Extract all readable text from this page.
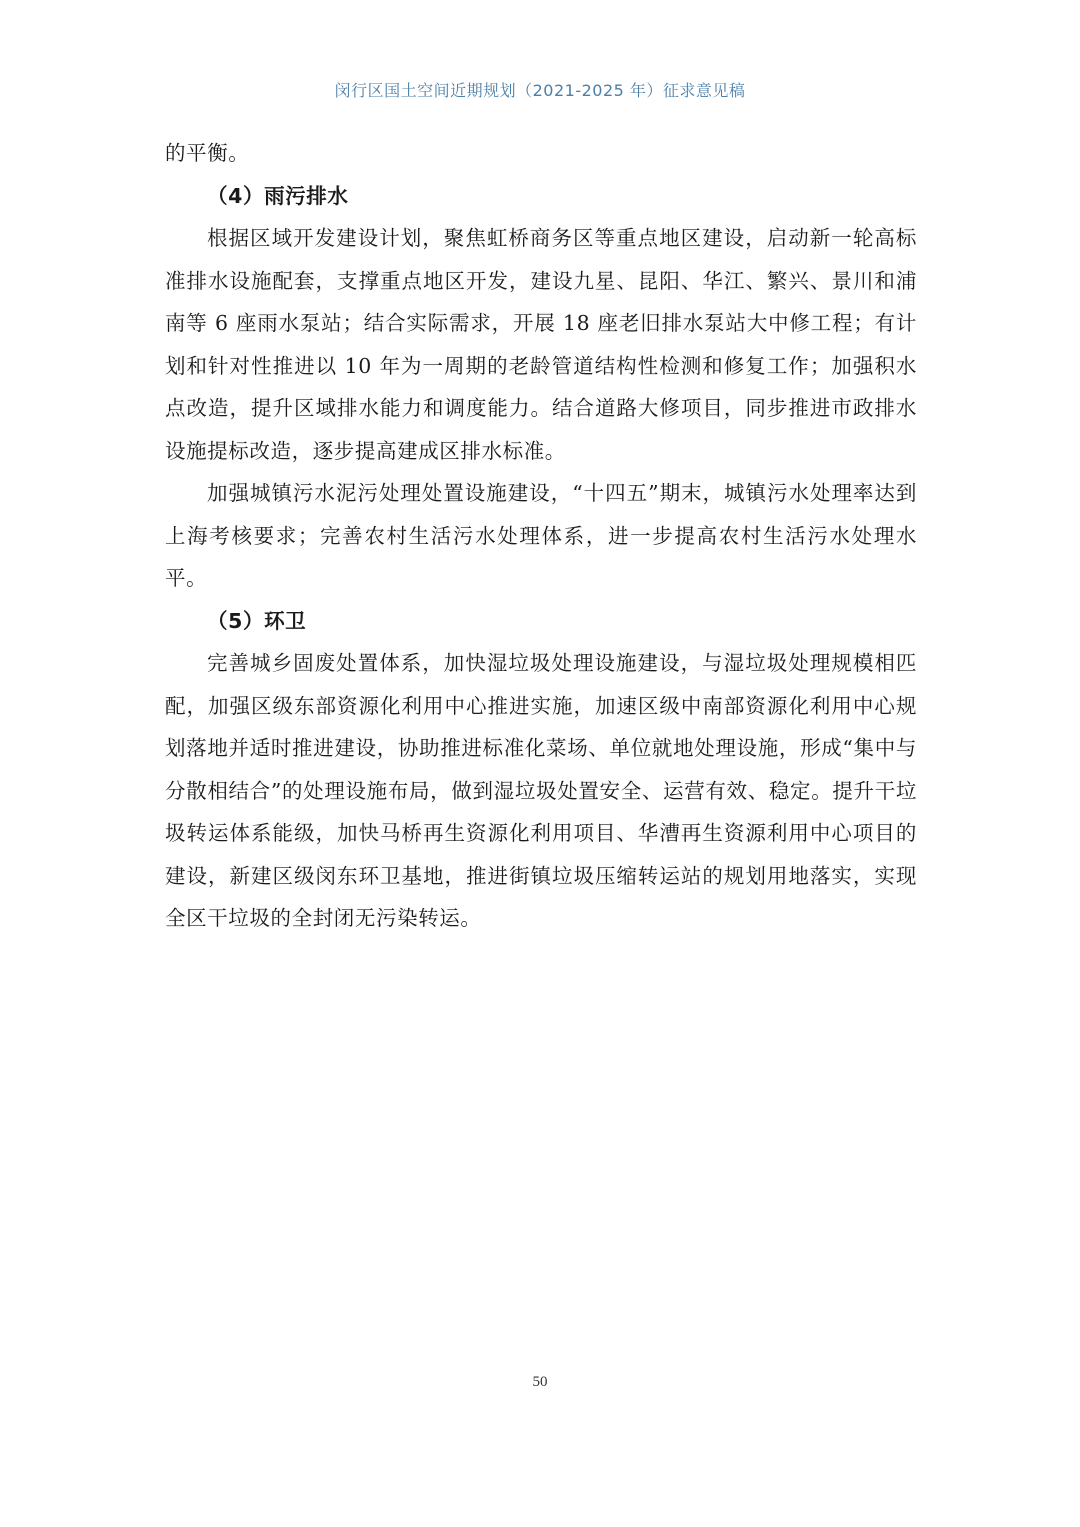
闵行区国土空间近期规划（2021-2025 年）征求意见稿

的平衡。

（4）雨污排水

根据区域开发建设计划，聚焦虹桥商务区等重点地区建设，启动新一轮高标准排水设施配套，支撑重点地区开发，建设九星、昆阳、华江、繁兴、景川和浦南等 6 座雨水泵站；结合实际需求，开展 18 座老旧排水泵站大中修工程；有计划和针对性推进以 10 年为一周期的老龄管道结构性检测和修复工作；加强积水点改造，提升区域排水能力和调度能力。结合道路大修项目，同步推进市政排水设施提标改造，逐步提高建成区排水标准。

加强城镇污水泥污处理处置设施建设，“十四五”期末，城镇污水处理率达到上海考核要求；完善农村生活污水处理体系，进一步提高农村生活污水处理水平。

（5）环卫

完善城乡固废处置体系，加快湿垃圾处理设施建设，与湿垃圾处理规模相匹配，加强区级东部资源化利用中心推进实施，加速区级中南部资源化利用中心规划落地并适时推进建设，协助推进标准化菜场、单位就地处理设施，形成“集中与分散相结合”的处理设施布局，做到湿垃圾处置安全、运营有效、稳定。提升干垃圾转运体系能级，加快马桥再生资源化利用项目、华漕再生资源利用中心项目的建设，新建区级闵东环卫基地，推进街镇垃圾压缩转运站的规划用地落实，实现全区干垃圾的全封闭无污染转运。

50
